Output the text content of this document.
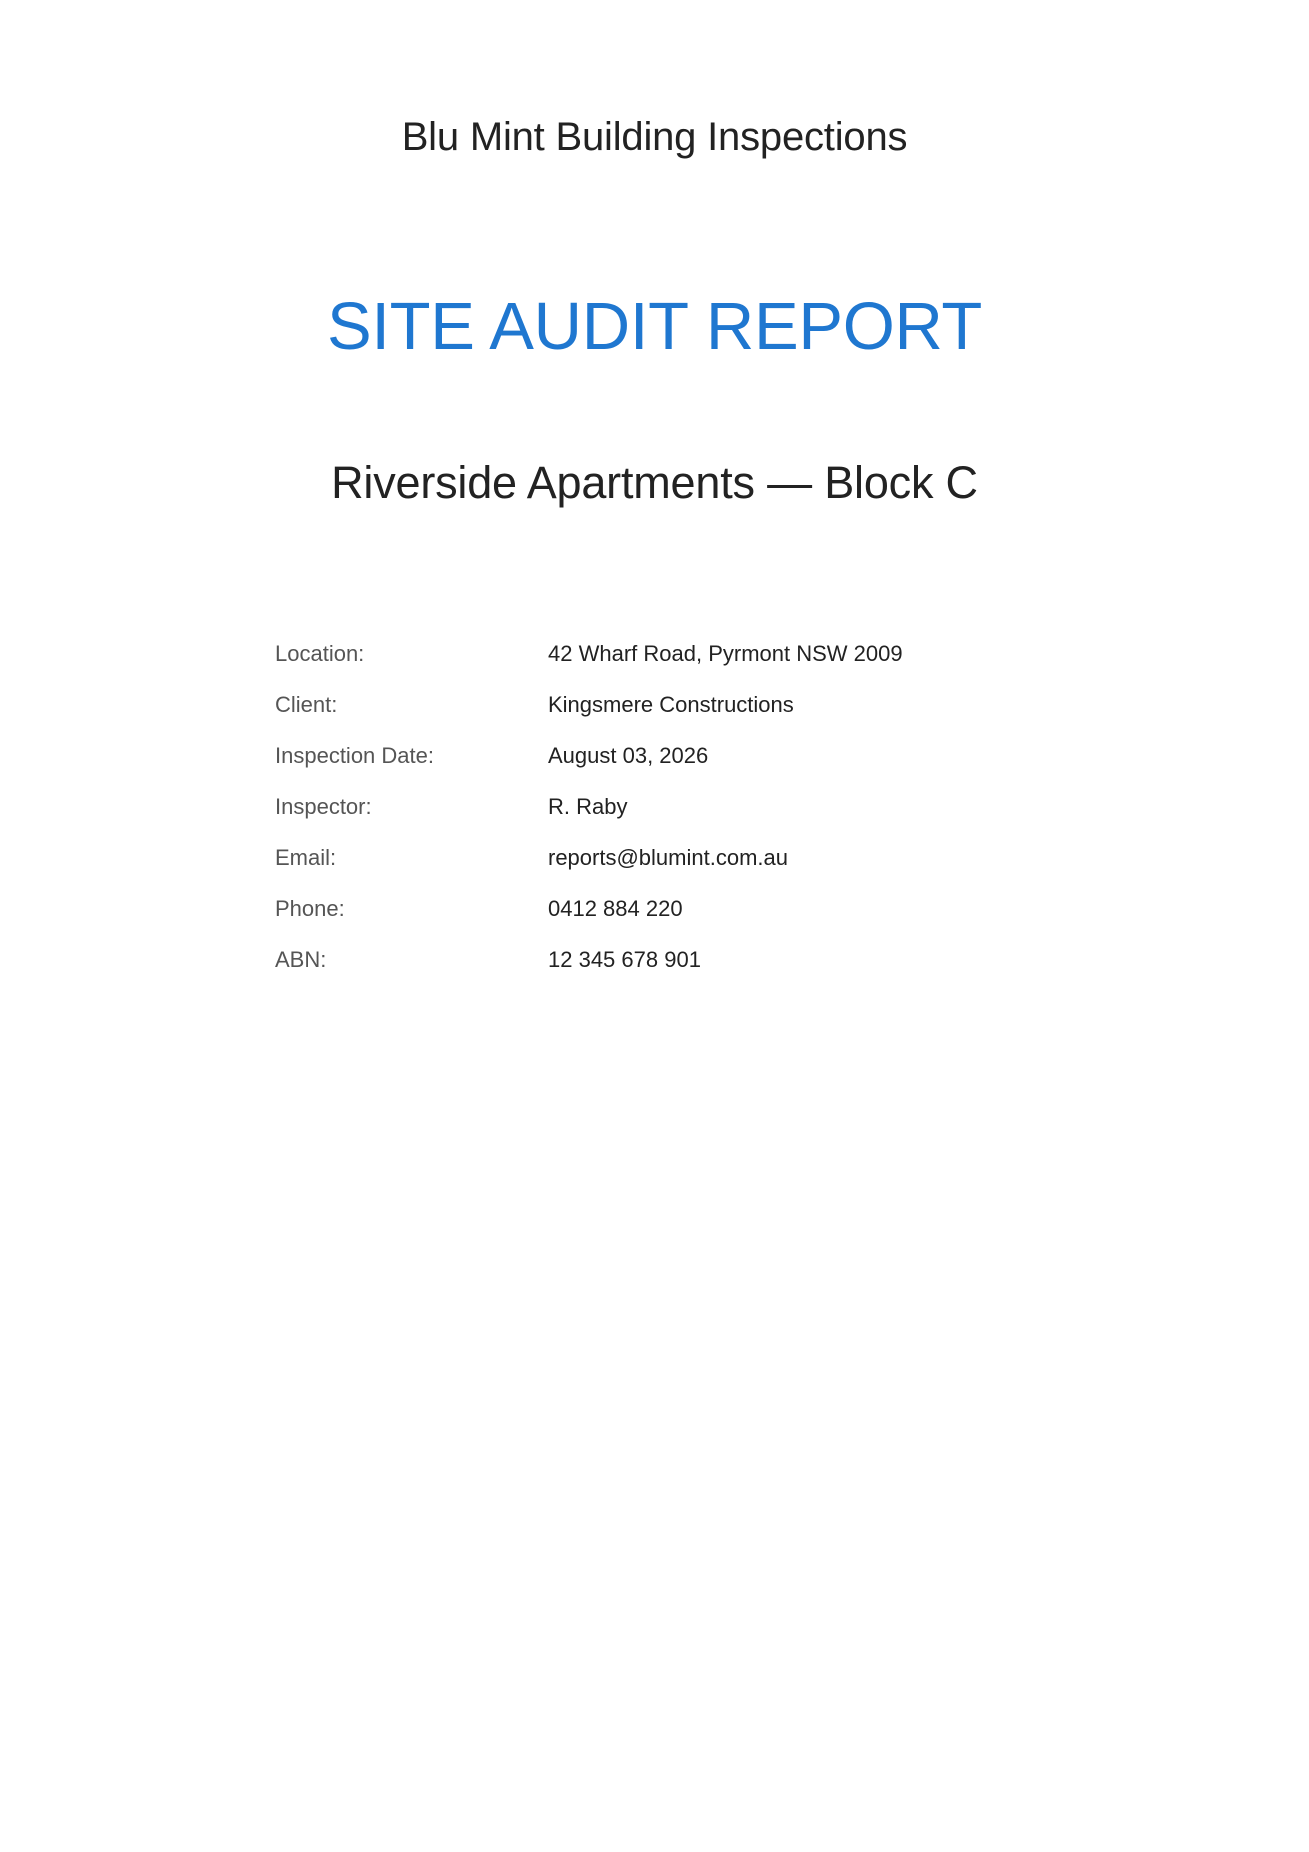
Blu Mint Building Inspections
SITE AUDIT REPORT
Riverside Apartments — Block C
Location:	42 Wharf Road, Pyrmont NSW 2009
Client:	Kingsmere Constructions
Inspection Date:	August 03, 2026
Inspector:	R. Raby
Email:	reports@blumint.com.au
Phone:	0412 884 220
ABN:	12 345 678 901
